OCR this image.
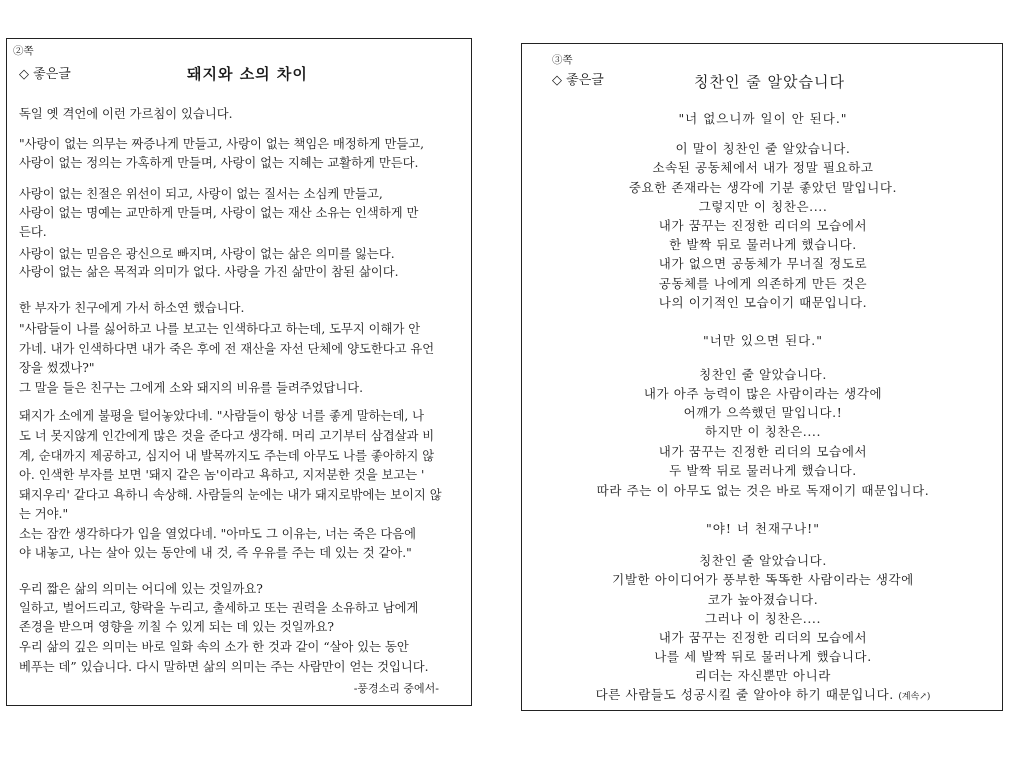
②쪽
◇ 좋은글	돼지와 소의 차이
독일 옛 격언에 이런 가르침이 있습니다.
"사랑이 없는 의무는 짜증나게 만들고, 사랑이 없는 책임은 매정하게 만들고,
사랑이 없는 정의는 가혹하게 만들며, 사랑이 없는 지혜는 교활하게 만든다.
사랑이 없는 친절은 위선이 되고, 사랑이 없는 질서는 소심케 만들고,
사랑이 없는 명예는 교만하게 만들며, 사랑이 없는 재산 소유는 인색하게 만
든다.
사랑이 없는 믿음은 광신으로 빠지며, 사랑이 없는 삶은 의미를 잃는다.
사랑이 없는 삶은 목적과 의미가 없다. 사랑을 가진 삶만이 참된 삶이다.
한 부자가 친구에게 가서 하소연 했습니다.
"사람들이 나를 싫어하고 나를 보고는 인색하다고 하는데, 도무지 이해가 안
가네. 내가 인색하다면 내가 죽은 후에 전 재산을 자선 단체에 양도한다고 유언
장을 썼겠나?"
그 말을 들은 친구는 그에게 소와 돼지의 비유를 들려주었답니다.
돼지가 소에게 불평을 털어놓았다네. "사람들이 항상 너를 좋게 말하는데, 나
도 너 못지않게 인간에게 많은 것을 준다고 생각해. 머리 고기부터 삼겹살과 비
계, 순대까지 제공하고, 심지어 내 발목까지도 주는데 아무도 나를 좋아하지 않
아. 인색한 부자를 보면 '돼지 같은 놈'이라고 욕하고, 지저분한 것을 보고는 '
돼지우리' 같다고 욕하니 속상해. 사람들의 눈에는 내가 돼지로밖에는 보이지 않
는 거야."
소는 잠깐 생각하다가 입을 열었다네. "아마도 그 이유는, 너는 죽은 다음에
야 내놓고, 나는 살아 있는 동안에 내 것, 즉 우유를 주는 데 있는 것 같아."
우리 짧은 삶의 의미는 어디에 있는 것일까요?
일하고, 벌어드리고, 향락을 누리고, 출세하고 또는 권력을 소유하고 남에게
존경을 받으며 영향을 끼칠 수 있게 되는 데 있는 것일까요?
우리 삶의 깊은 의미는 바로 일화 속의 소가 한 것과 같이 “살아 있는 동안
베푸는 데” 있습니다. 다시 말하면 삶의 의미는 주는 사람만이 얻는 것입니다.
-풍경소리 중에서-
③쪽
◇ 좋은글	칭찬인 줄 알았습니다
"너 없으니까 일이 안 된다."
이 말이 칭찬인 줄 알았습니다.
소속된 공동체에서 내가 정말 필요하고
중요한 존재라는 생각에 기분 좋았던 말입니다.
그렇지만 이 칭찬은....
내가 꿈꾸는 진정한 리더의 모습에서
한 발짝 뒤로 물러나게 했습니다.
내가 없으면 공동체가 무너질 정도로
공동체를 나에게 의존하게 만든 것은
나의 이기적인 모습이기 때문입니다.
"너만 있으면 된다."
칭찬인 줄 알았습니다.
내가 아주 능력이 많은 사람이라는 생각에
어깨가 으쓱했던 말입니다.!
하지만 이 칭찬은....
내가 꿈꾸는 진정한 리더의 모습에서
두 발짝 뒤로 물러나게 했습니다.
따라 주는 이 아무도 없는 것은 바로 독재이기 때문입니다.
"야! 너 천재구나!"
칭찬인 줄 알았습니다.
기발한 아이디어가 풍부한 똑똑한 사람이라는 생각에
코가 높아졌습니다.
그러나 이 칭찬은....
내가 꿈꾸는 진정한 리더의 모습에서
나를 세 발짝 뒤로 물러나게 했습니다.
리더는 자신뿐만 아니라
다른 사람들도 성공시킬 줄 알아야 하기 때문입니다. (계속↗)
